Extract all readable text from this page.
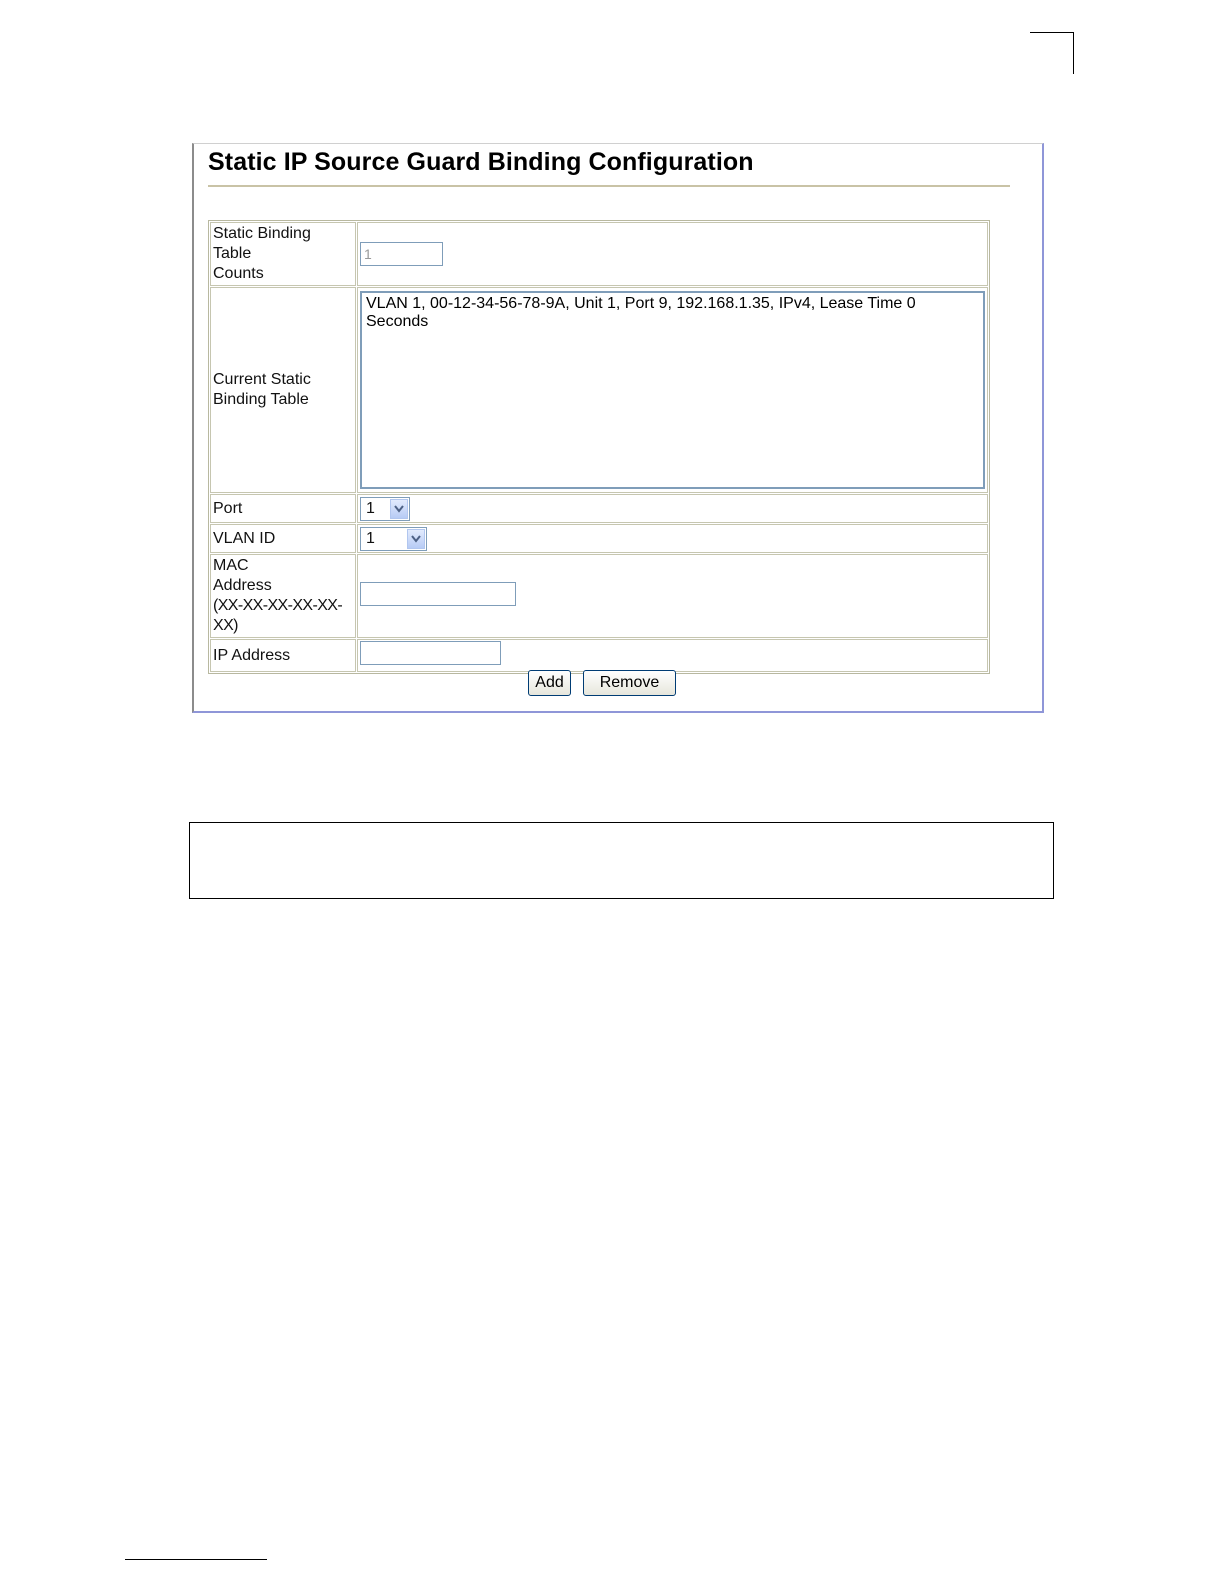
Static IP Source Guard Binding Configuration
Static Binding Table
Counts	1

Current Static
Binding Table	VLAN 1, 00-12-34-56-78-9A, Unit 1, Port 9, 192.168.1.35, IPv4, Lease Time 0 Seconds

Port	1

VLAN ID	1

MAC
Address
(XX-XX-XX-XX-XX-XX)	

IP Address	
Add	Remove
